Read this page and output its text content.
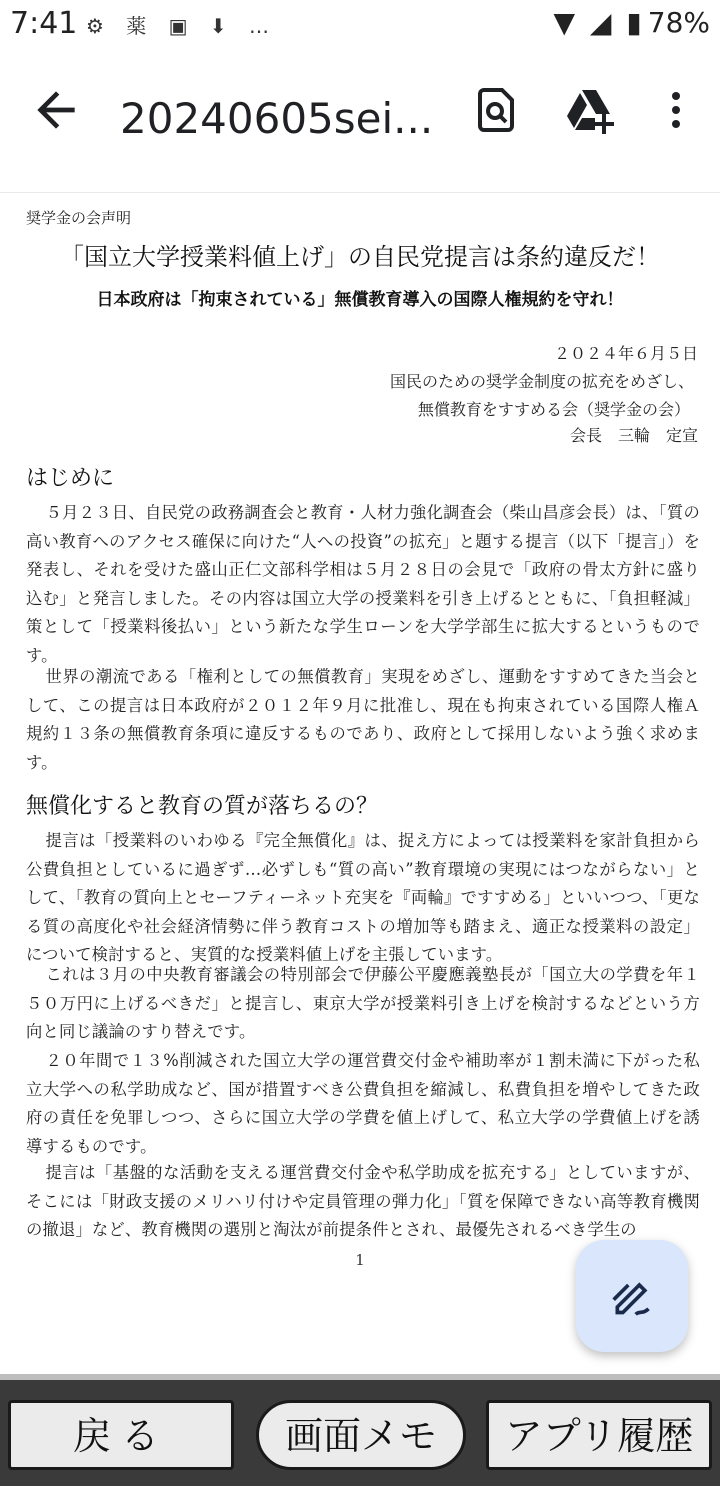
7:41 ⚙ 薬 ▣ ⬇ …	▼ ◢ ▮ 78%
20240605sei...
奨学金の会声明
「国立大学授業料値上げ」の自民党提言は条約違反だ！
日本政府は「拘束されている」無償教育導入の国際人権規約を守れ！
２０２４年６月５日
国民のための奨学金制度の拡充をめざし、
無償教育をすすめる会（奨学金の会）
会長　三輪　定宣
はじめに
５月２３日、自民党の政務調査会と教育・人材力強化調査会（柴山昌彦会長）は、「質の高い教育へのアクセス確保に向けた“人への投資”の拡充」と題する提言（以下「提言」）を発表し、それを受けた盛山正仁文部科学相は５月２８日の会見で「政府の骨太方針に盛り込む」と発言しました。その内容は国立大学の授業料を引き上げるとともに、「負担軽減」策として「授業料後払い」という新たな学生ローンを大学学部生に拡大するというものです。
世界の潮流である「権利としての無償教育」実現をめざし、運動をすすめてきた当会として、この提言は日本政府が２０１２年９月に批准し、現在も拘束されている国際人権Ａ規約１３条の無償教育条項に違反するものであり、政府として採用しないよう強く求めます。
無償化すると教育の質が落ちるの？
提言は「授業料のいわゆる『完全無償化』は、捉え方によっては授業料を家計負担から公費負担としているに過ぎず…必ずしも“質の高い”教育環境の実現にはつながらない」として、「教育の質向上とセーフティーネット充実を『両輪』ですすめる」といいつつ、「更なる質の高度化や社会経済情勢に伴う教育コストの増加等も踏まえ、適正な授業料の設定」について検討すると、実質的な授業料値上げを主張しています。
これは３月の中央教育審議会の特別部会で伊藤公平慶應義塾長が「国立大の学費を年１５０万円に上げるべきだ」と提言し、東京大学が授業料引き上げを検討するなどという方向と同じ議論のすり替えです。
２０年間で１３%削減された国立大学の運営費交付金や補助率が１割未満に下がった私立大学への私学助成など、国が措置すべき公費負担を縮減し、私費負担を増やしてきた政府の責任を免罪しつつ、さらに国立大学の学費を値上げして、私立大学の学費値上げを誘導するものです。
提言は「基盤的な活動を支える運営費交付金や私学助成を拡充する」としていますが、そこには「財政支援のメリハリ付けや定員管理の弾力化」「質を保障できない高等教育機関の撤退」など、教育機関の選別と淘汰が前提条件とされ、最優先されるべき学生の
1
戻る	画面メモ	アプリ履歴
